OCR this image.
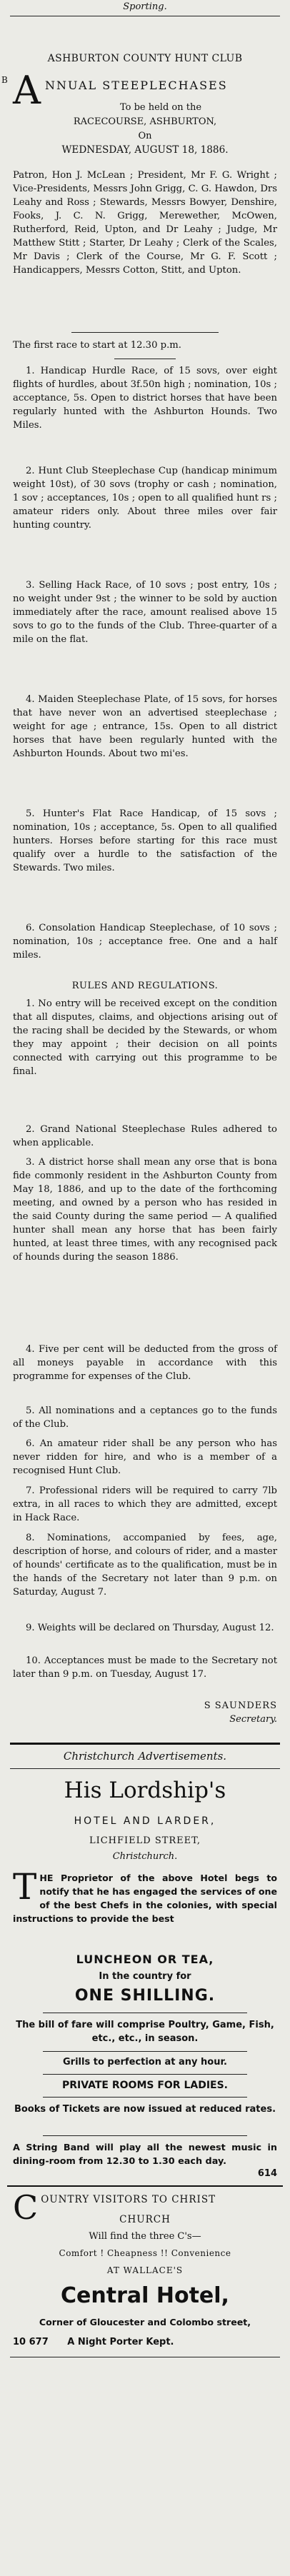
Sporting.
B
ASHBURTON COUNTY HUNT CLUB
A NNUAL STEEPLECHASES
To be held on the
RACECOURSE, ASHBURTON,
On
WEDNESDAY, AUGUST 18, 1886.
Patron, Hon J. McLean ; President, Mr F. G. Wright ; Vice-Presidents, Messrs John Grigg, C. G. Hawdon, Drs Leahy and Ross ; Stewards, Messrs Bowyer, Denshire, Fooks, J. C. N. Grigg, Merewether, McOwen, Rutherford, Reid, Upton, and Dr Leahy ; Judge, Mr Matthew Stitt ; Starter, Dr Leahy ; Clerk of the Scales, Mr Davis ; Clerk of the Course, Mr G. F. Scott ; Handicappers, Messrs Cotton, Stitt, and Upton.
The first race to start at 12.30 p.m.
1. Handicap Hurdle Race, of 15 sovs, over eight flights of hurdles, about 3f.50n high ; nomination, 10s ; acceptance, 5s. Open to district horses that have been regularly hunted with the Ashburton Hounds. Two Miles.
2. Hunt Club Steeplechase Cup (handicap minimum weight 10st), of 30 sovs (trophy or cash ; nomination, 1 sov ; acceptances, 10s ; open to all qualified hunt rs ; amateur riders only. About three miles over fair hunting country.
3. Selling Hack Race, of 10 sovs ; post entry, 10s ; no weight under 9st ; the winner to be sold by auction immediately after the race, amount realised above 15 sovs to go to the funds of the Club. Three-quarter of a mile on the flat.
4. Maiden Steeplechase Plate, of 15 sovs, for horses that have never won an advertised steeplechase ; weight for age ; entrance, 15s. Open to all district horses that have been regularly hunted with the Ashburton Hounds. About two mi'es.
5. Hunter's Flat Race Handicap, of 15 sovs ; nomination, 10s ; acceptance, 5s. Open to all qualified hunters. Horses before starting for this race must qualify over a hurdle to the satisfaction of the Stewards. Two miles.
6. Consolation Handicap Steeplechase, of 10 sovs ; nomination, 10s ; acceptance free. One and a half miles.
RULES AND REGULATIONS.
1. No entry will be received except on the condition that all disputes, claims, and objections arising out of the racing shall be decided by the Stewards, or whom they may appoint ; their decision on all points connected with carrying out this programme to be final.
2. Grand National Steeplechase Rules adhered to when applicable.
3. A district horse shall mean any orse that is bona fide commonly resident in the Ashburton County from May 18, 1886, and up to the date of the forthcoming meeting, and owned by a person who has resided in the said County during the same period — A qualified hunter shall mean any horse that has been fairly hunted, at least three times, with any recognised pack of hounds during the season 1886.
4. Five per cent will be deducted from the gross of all moneys payable in accordance with this programme for expenses of the Club.
5. All nominations and a ceptances go to the funds of the Club.
6. An amateur rider shall be any person who has never ridden for hire, and who is a member of a recognised Hunt Club.
7. Professional riders will be required to carry 7lb extra, in all races to which they are admitted, except in Hack Race.
8. Nominations, accompanied by fees, age, description of horse, and colours of rider, and a master of hounds' certificate as to the qualification, must be in the hands of the Secretary not later than 9 p.m. on Saturday, August 7.
9. Weights will be declared on Thursday, August 12.
10. Acceptances must be made to the Secretary not later than 9 p.m. on Tuesday, August 17.
S SAUNDERS
Secretary.
Christchurch Advertisements.
His Lordship's
HOTEL AND LARDER,
LICHFIELD STREET,
Christchurch.
T HE Proprietor of the above Hotel begs to notify that he has engaged the services of one of the best Chefs in the colonies, with special instructions to provide the best
LUNCHEON OR TEA,
In the country for
ONE SHILLING.
The bill of fare will comprise Poultry, Game, Fish, etc., etc., in season.
Grills to perfection at any hour.
PRIVATE ROOMS FOR LADIES.
Books of Tickets are now issued at reduced rates.
A String Band will play all the newest music in dining-room from 12.30 to 1.30 each day.
614
C OUNTRY VISITORS TO CHRIST
CHURCH
Will find the three C's—
Comfort ! Cheapness !! Convenience
AT WALLACE'S
Central Hotel,
Corner of Gloucester and Colombo street,
10 677 A Night Porter Kept.
